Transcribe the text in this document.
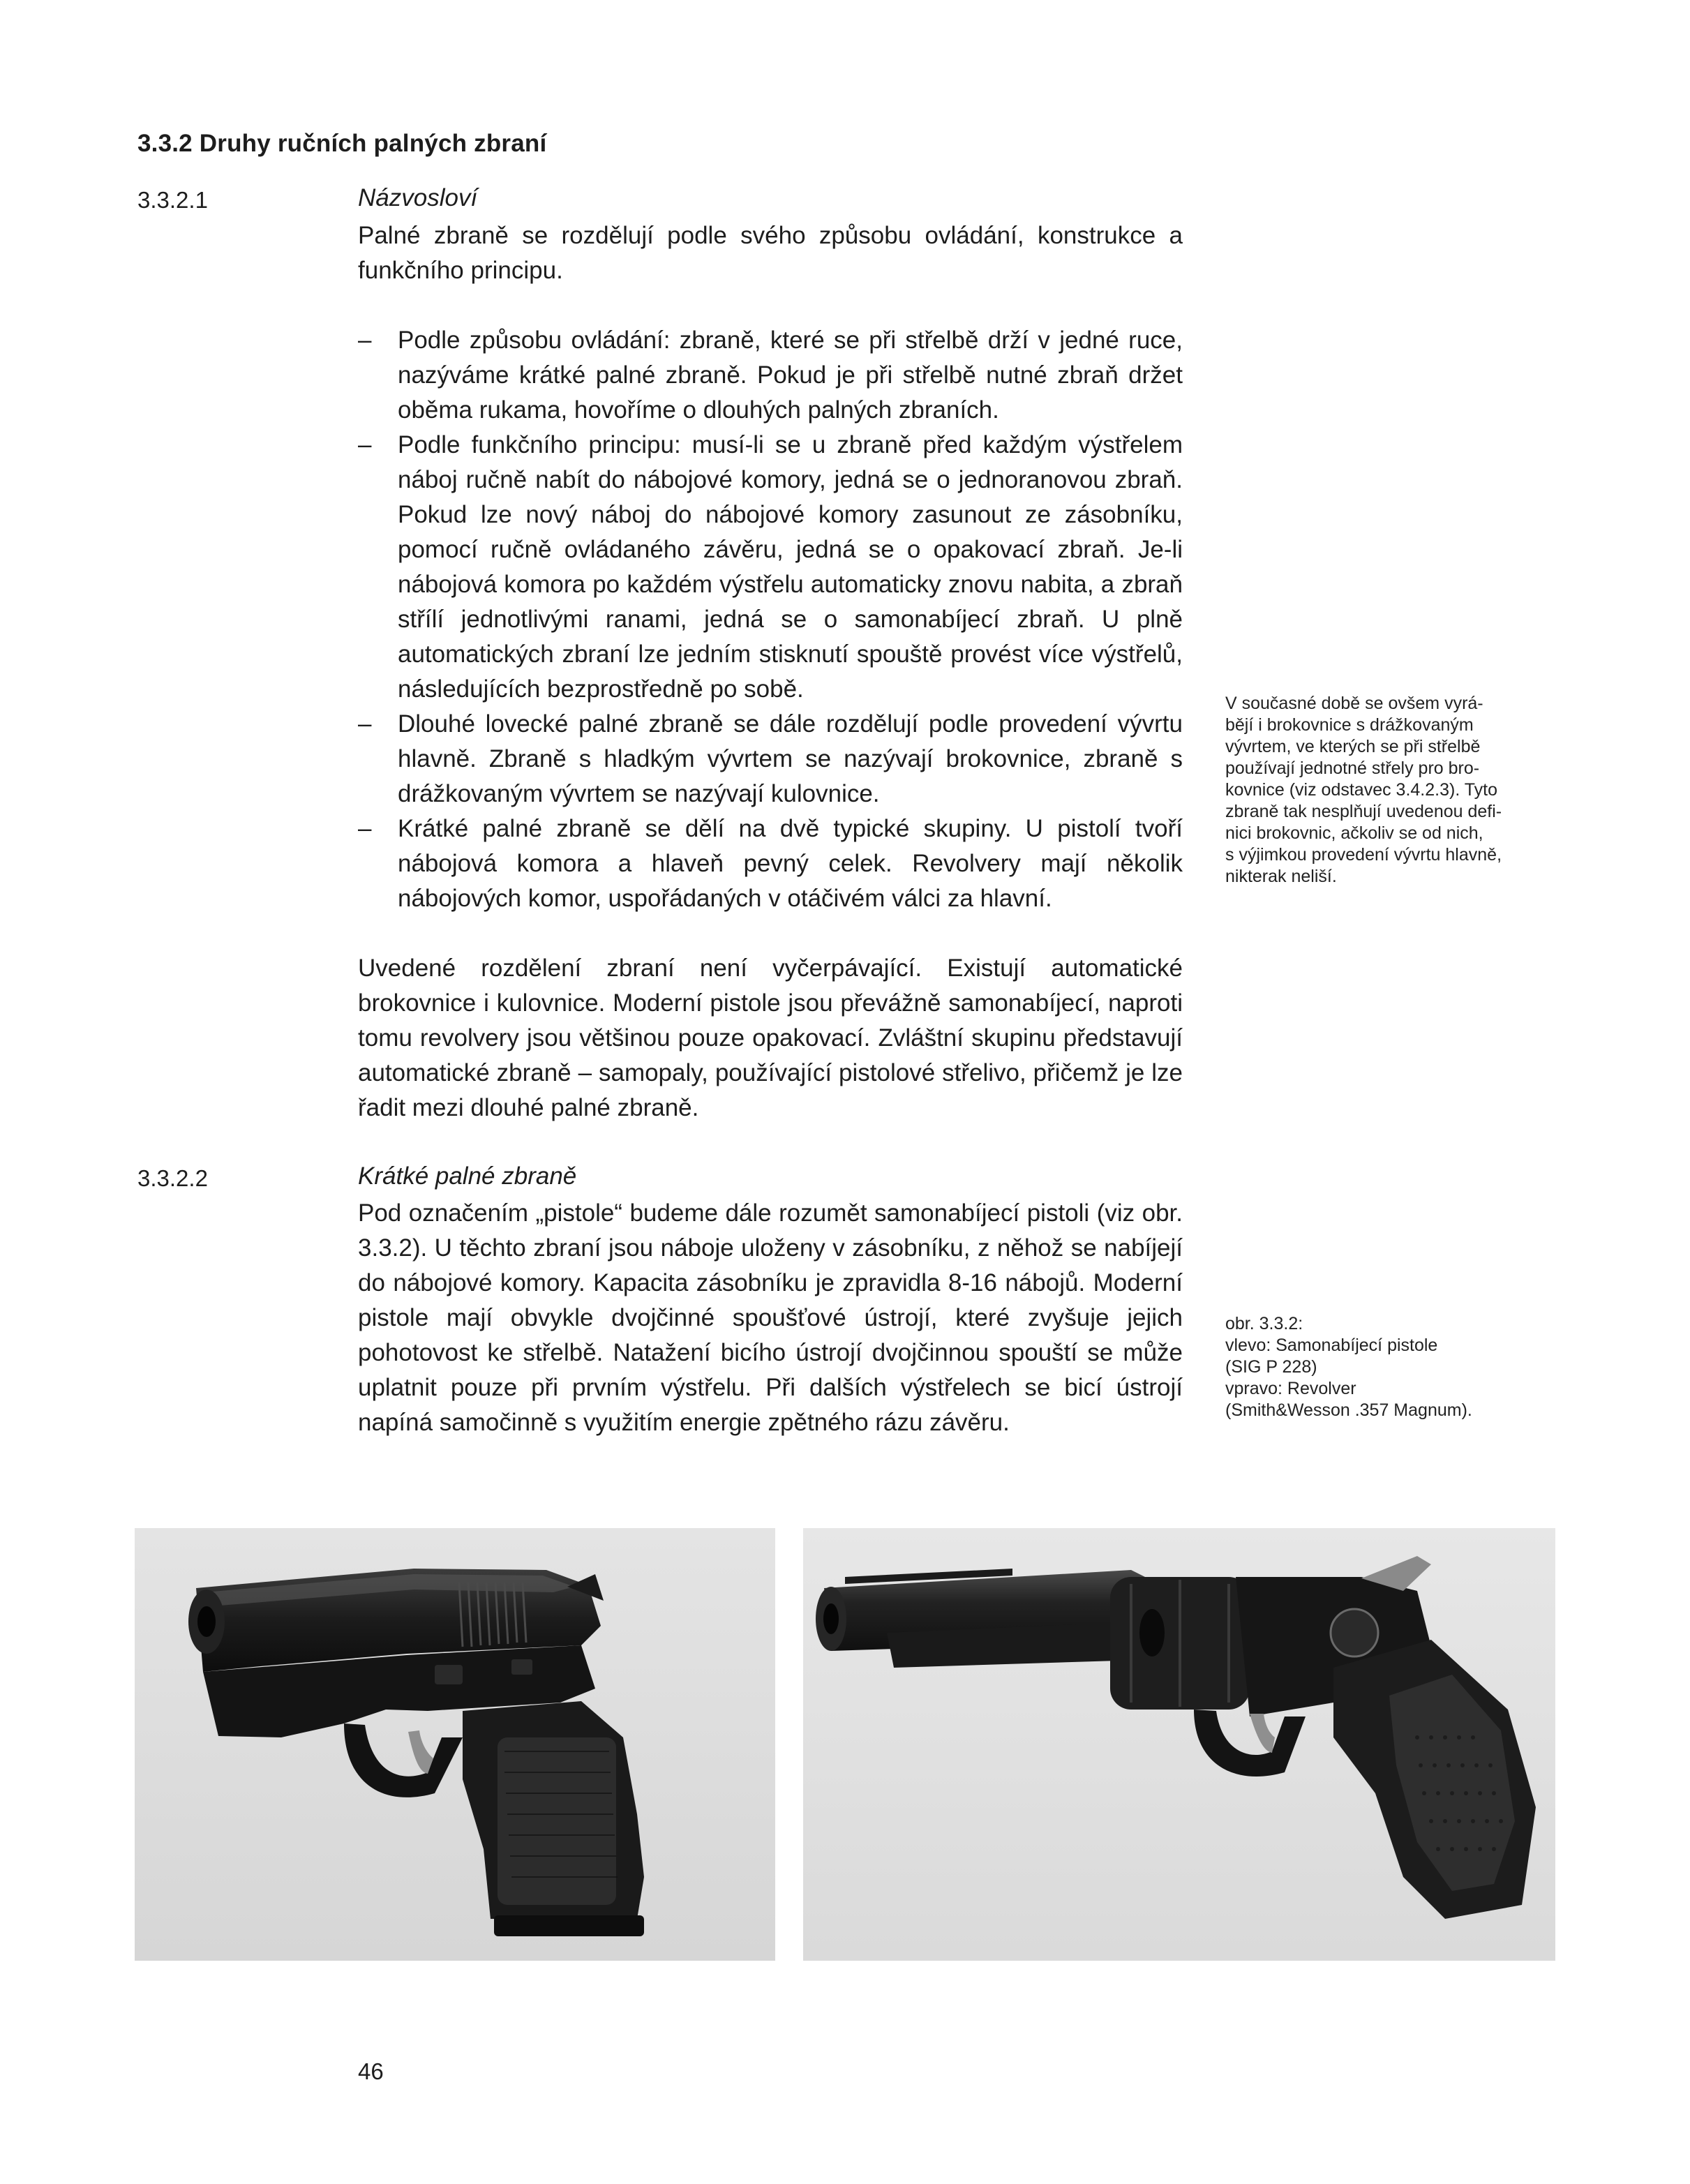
3.3.2 Druhy ručních palných zbraní
3.3.2.1	Názvosloví
Palné zbraně se rozdělují podle svého způsobu ovládání, konstrukce a funkčního principu.
– Podle způsobu ovládání: zbraně, které se při střelbě drží v jedné ruce, nazýváme krátké palné zbraně. Pokud je při střelbě nutné zbraň držet oběma rukama, hovoříme o dlouhých palných zbraních.
– Podle funkčního principu: musí-li se u zbraně před každým výstřelem náboj ručně nabít do nábojové komory, jedná se o jednoranovou zbraň. Pokud lze nový náboj do nábojové komory zasunout ze zásobníku, pomocí ručně ovládaného závěru, jedná se o opakovací zbraň. Je-li nábojová komora po každém výstřelu automaticky znovu nabita, a zbraň střílí jednotlivými ranami, jedná se o samonabíjecí zbraň. U plně automatických zbraní lze jedním stisknutí spouště provést více výstřelů, následujících bezprostředně po sobě.
– Dlouhé lovecké palné zbraně se dále rozdělují podle provedení vývrtu hlavně. Zbraně s hladkým vývrtem se nazývají brokovnice, zbraně s drážkovaným vývrtem se nazývají kulovnice.
– Krátké palné zbraně se dělí na dvě typické skupiny. U pistolí tvoří nábojová komora a hlaveň pevný celek. Revolvery mají několik nábojových komor, uspořádaných v otáčivém válci za hlavní.
Uvedené rozdělení zbraní není vyčerpávající. Existují automatické brokovnice i kulovnice. Moderní pistole jsou převážně samonabíjecí, naproti tomu revolvery jsou většinou pouze opakovací. Zvláštní skupinu představují automatické zbraně – samopaly, používající pistolové střelivo, přičemž je lze řadit mezi dlouhé palné zbraně.
3.3.2.2	Krátké palné zbraně
Pod označením „pistole“ budeme dále rozumět samonabíjecí pistoli (viz obr. 3.3.2). U těchto zbraní jsou náboje uloženy v zásobníku, z něhož se nabíjejí do nábojové komory. Kapacita zásobníku je zpravidla 8-16 nábojů. Moderní pistole mají obvykle dvojčinné spoušťové ústrojí, které zvyšuje jejich pohotovost ke střelbě. Natažení bicího ústrojí dvojčinnou spouští se může uplatnit pouze při prvním výstřelu. Při dalších výstřelech se bicí ústrojí napíná samočinně s využitím energie zpětného rázu závěru.
V současné době se ovšem vyrá-
bějí i brokovnice s drážkovaným
vývrtem, ve kterých se při střelbě
používají jednotné střely pro bro-
kovnice (viz odstavec 3.4.2.3). Tyto
zbraně tak nesplňují uvedenou defi-
nici brokovnic, ačkoliv se od nich,
s výjimkou provedení vývrtu hlavně,
nikterak neliší.
obr. 3.3.2:
vlevo: Samonabíjecí pistole
(SIG P 228)
vpravo: Revolver
(Smith&Wesson .357 Magnum).
46
